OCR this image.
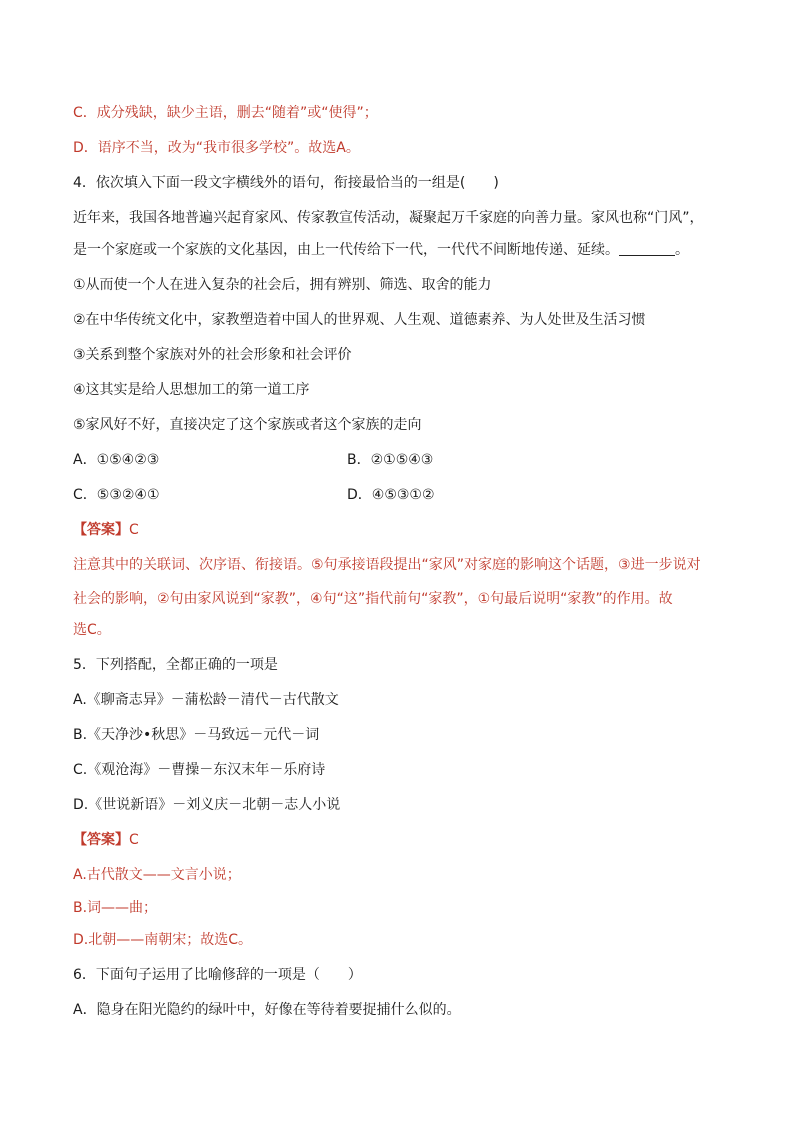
C．成分残缺，缺少主语，删去“随着”或“使得”；
D．语序不当，改为“我市很多学校”。故选A。
4．依次填入下面一段文字横线外的语句，衔接最恰当的一组是(　　)
近年来，我国各地普遍兴起育家风、传家教宣传活动，凝聚起万千家庭的向善力量。家风也称“门风”，
是一个家庭或一个家族的文化基因，由上一代传给下一代，一代代不间断地传递、延续。	。
①从而使一个人在进入复杂的社会后，拥有辨别、筛选、取舍的能力
②在中华传统文化中，家教塑造着中国人的世界观、人生观、道德素养、为人处世及生活习惯
③关系到整个家族对外的社会形象和社会评价
④这其实是给人思想加工的第一道工序
⑤家风好不好，直接决定了这个家族或者这个家族的走向
A．①⑤④②③	B．②①⑤④③
C．⑤③②④①	D．④⑤③①②
【答案】C
注意其中的关联词、次序语、衔接语。⑤句承接语段提出“家风”对家庭的影响这个话题，③进一步说对
社会的影响，②句由家风说到“家教”，④句“这”指代前句“家教”，①句最后说明“家教”的作用。故
选C。
5．下列搭配，全都正确的一项是
A.《聊斋志异》－蒲松龄－清代－古代散文
B.《天净沙•秋思》－马致远－元代－词
C.《观沧海》－曹操－东汉末年－乐府诗
D.《世说新语》－刘义庆－北朝－志人小说
【答案】C
A.古代散文——文言小说；
B.词——曲；
D.北朝——南朝宋；故选C。
6．下面句子运用了比喻修辞的一项是（　　）
A．隐身在阳光隐约的绿叶中，好像在等待着要捉捕什么似的。
